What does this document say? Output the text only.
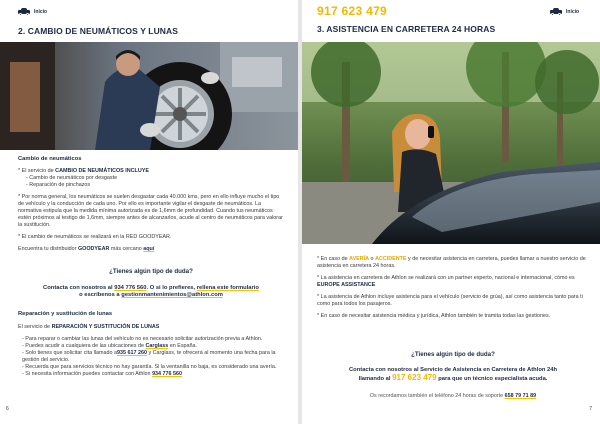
Inicio
2. CAMBIO DE NEUMÁTICOS Y LUNAS
Cambio de neumáticos
* El servicio de CAMBIO DE NEUMÁTICOS INCLUYE
- Cambio de neumáticos por desgaste
- Reparación de pinchazos
* Por norma general, los neumáticos se suelen desgastar cada 40.000 kms, pero en ello influye mucho el tipo de vehículo y la conducción de cada uno. Por ello es importante vigilar el desgaste de neumáticos. La normativa estipula que la medida mínima autorizada es de 1,6mm de profundidad. Cuando tus neumáticos estén próximos al testigo de 1,6mm, siempre antes de alcanzarlos, acude al centro de neumáticos para valorar la sustitución.
* El cambio de neumáticos se realizará en la RED GOODYEAR.
Encuentra tu distribuidor GOODYEAR más cercano aquí
¿Tienes algún tipo de duda?
Contacta con nosotros al 934 776 560. O si lo prefieres, rellena este formulario
o escríbenos a gestionmantenimientos@athlon.com
Reparación y sustitución de lunas
El servicio de REPARACIÓN Y SUSTITUCIÓN DE LUNAS
- Para reparar o cambiar las lunas del vehículo no es necesario solicitar autorización previa a Athlon.
- Puedes acudir a cualquiera de las ubicaciones de Carglass en España.
- Solo tienes que solicitar cita llamado a935 617 260 y Carglass, te ofrecerá al momento una fecha para la gestión del servicio.
- Recuerda que para servicios técnico no hay garantía. Si la ventanilla no baja, es considerado una avería.
- Si necesita información puedes contactar con Athlon 934 776 560
6
917 623 479	Inicio
3. ASISTENCIA EN CARRETERA 24 HORAS
* En caso de AVERÍA o ACCIDENTE y de necesitar asistencia en carretera, puedes llamar a nuestro servicio de asistencia en carretera 24 horas.
* La asistencia en carretera de Athlon se realizará con un partner experto, nacional e internacional, cómo es EUROPE ASSISTANCE
* La asistencia de Athlon incluye asistencia para el vehículo (servicio de grúa), así como asistencia tanto para ti como para todos los pasajeros.
* En caso de necesitar asistencia médica y jurídica, Athlon también te tramita todas las gestiones.
¿Tienes algún tipo de duda?
Contacta con nosotros al Servicio de Asistencia en Carretera de Athlon 24h
llamando al 917 623 479 para que un técnico especialista acuda.
Os recordamos también el teléfono 24 horas de soporte 658 79 71 89
7
